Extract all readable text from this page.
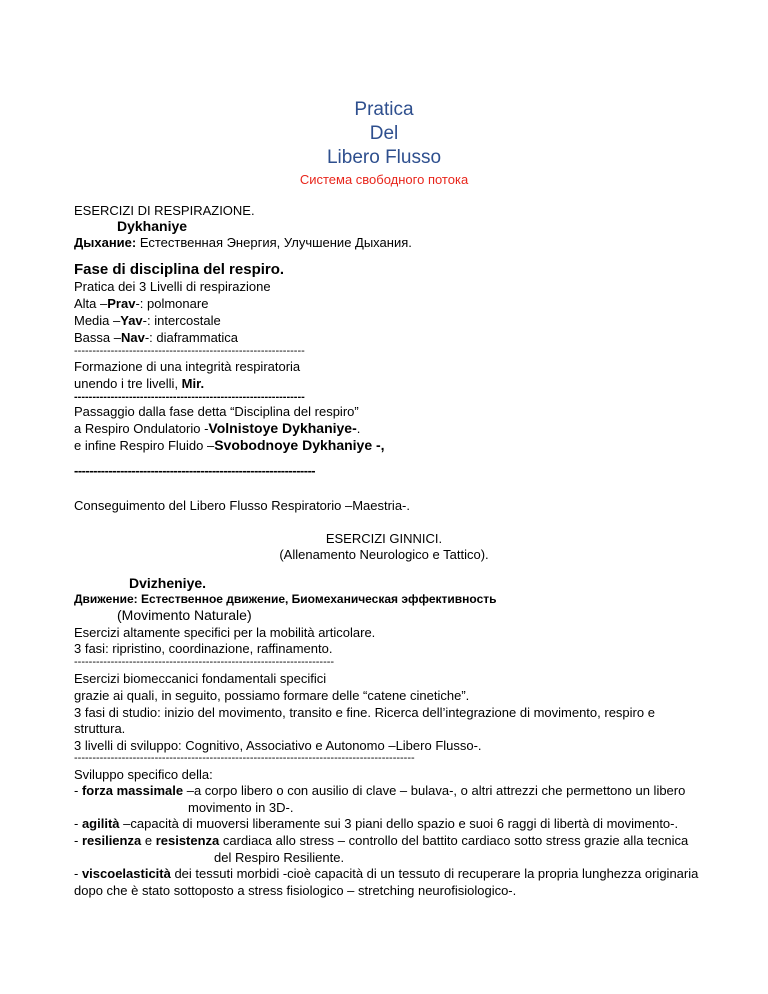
Pratica

Del

Libero Flusso

Система свободного потока

ESERCIZI DI RESPIRAZIONE.

Dykhaniye

Дыхание: Естественная Энергия, Улучшение Дыхания.

Fase di disciplina del respiro.

Pratica dei 3 Livelli di respirazione

Alta –Prav-: polmonare

Media –Yav-: intercostale

Bassa –Nav-: diaframmatica

---------------------------------------------------------------

Formazione di una integrità respiratoria

unendo i tre livelli, Mir.

---------------------------------------------------------------

Passaggio dalla fase detta “Disciplina del respiro”

a Respiro Ondulatorio -Volnistoye Dykhaniye-.

e infine Respiro Fluido –Svobodnoye Dykhaniye -,

---------------------------------------------------------------

Conseguimento del Libero Flusso Respiratorio –Maestria-.

ESERCIZI GINNICI.

(Allenamento Neurologico e Tattico).

Dvizheniye.

Движение: Естественное движение, Биомеханическая эффективность

(Movimento Naturale)

Esercizi altamente specifici per la mobilità articolare.

3 fasi: ripristino, coordinazione, raffinamento.

-----------------------------------------------------------------------

Esercizi biomeccanici fondamentali specifici

grazie ai quali, in seguito, possiamo formare delle “catene cinetiche”.

3 fasi di studio: inizio del movimento, transito e fine. Ricerca dell’integrazione di movimento, respiro e

struttura.

3 livelli di sviluppo: Cognitivo, Associativo e Autonomo –Libero Flusso-.

---------------------------------------------------------------------------------------------

Sviluppo specifico della:

- forza massimale –a corpo libero o con ausilio di clave – bulava-, o altri attrezzi che permettono un libero

movimento in 3D-.

- agilità –capacità di muoversi liberamente sui 3 piani dello spazio e suoi 6 raggi di libertà di movimento-.

- resilienza e resistenza cardiaca allo stress – controllo del battito cardiaco sotto stress grazie alla tecnica

del Respiro Resiliente.

- viscoelasticità dei tessuti morbidi -cioè capacità di un tessuto di recuperare la propria lunghezza originaria

dopo che è stato sottoposto a stress fisiologico – stretching neurofisiologico-.
